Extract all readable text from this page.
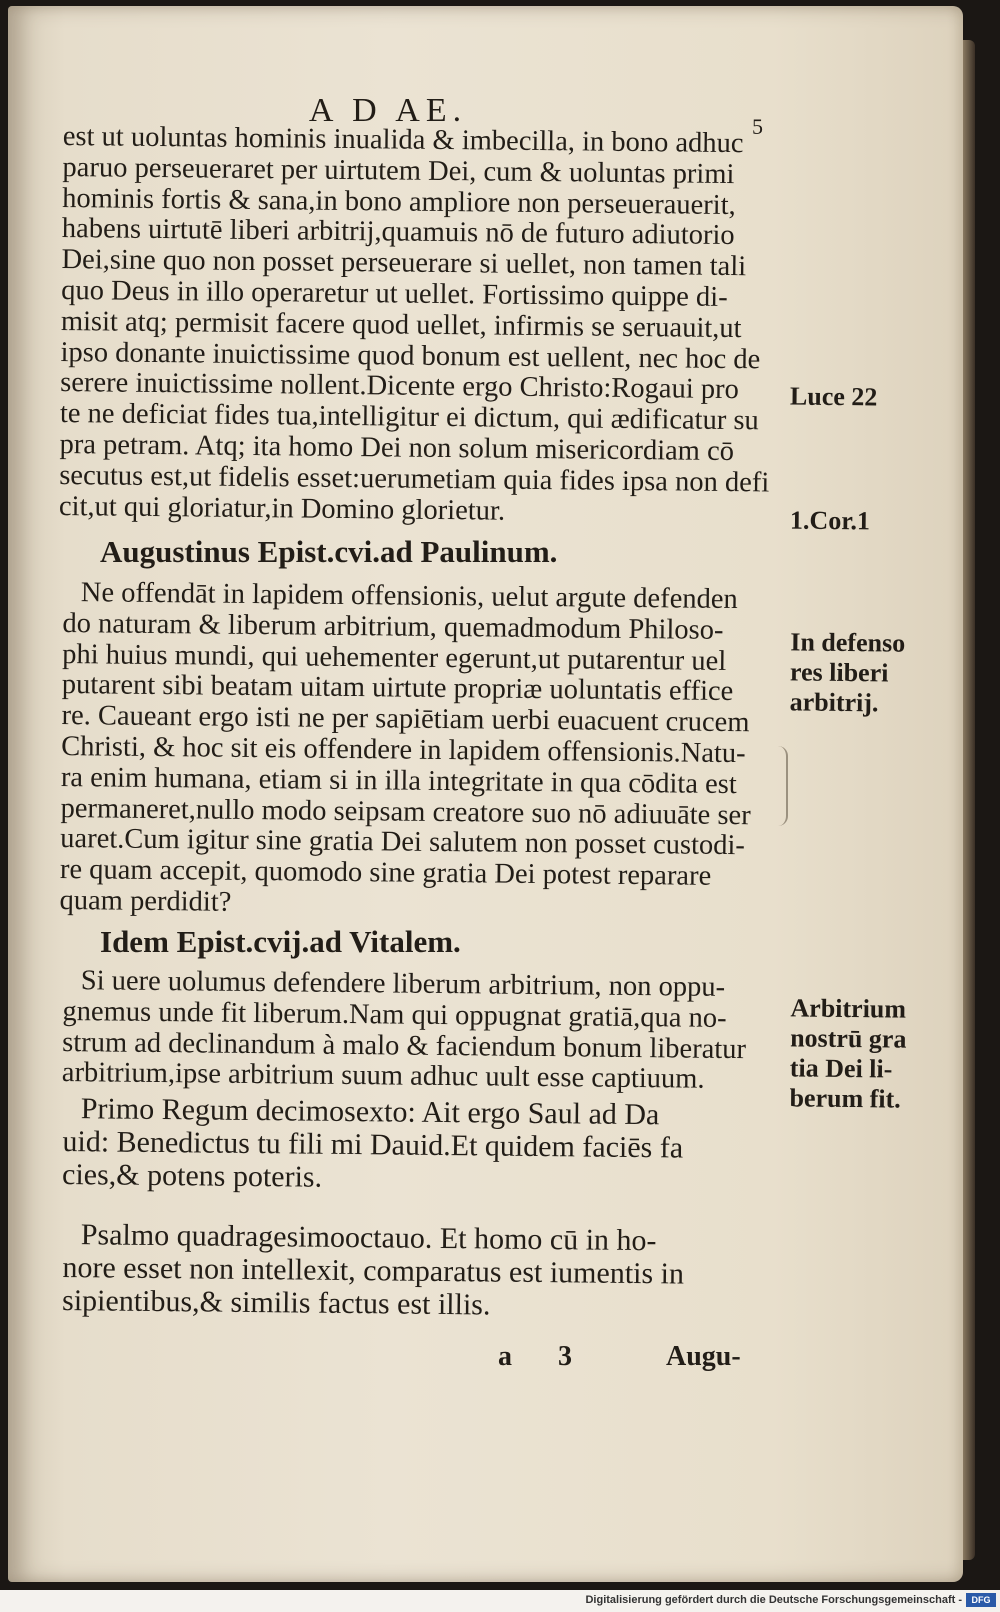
A D AE.	5
est ut uoluntas hominis inualida & imbecilla, in bono adhuc
paruo perseueraret per uirtutem Dei, cum & uoluntas primi
hominis fortis & sana,in bono ampliore non perseuerauerit,
habens uirtutē liberi arbitrij,quamuis nō de futuro adiutorio
Dei,sine quo non posset perseuerare si uellet, non tamen tali
quo Deus in illo operaretur ut uellet. Fortissimo quippe di-
misit atq; permisit facere quod uellet, infirmis se seruauit,ut
ipso donante inuictissime quod bonum est uellent, nec hoc de
serere inuictissime nollent.Dicente ergo Christo:Rogaui pro
te ne deficiat fides tua,intelligitur ei dictum, qui ædificatur su
pra petram. Atq; ita homo Dei non solum misericordiam cō
secutus est,ut fidelis esset:uerumetiam quia fides ipsa non defi
cit,ut qui gloriatur,in Domino glorietur.
Augustinus Epist.cvi.ad Paulinum.
Ne offendāt in lapidem offensionis, uelut argute defenden
do naturam & liberum arbitrium, quemadmodum Philoso-
phi huius mundi, qui uehementer egerunt,ut putarentur uel
putarent sibi beatam uitam uirtute propriæ uoluntatis effice
re. Caueant ergo isti ne per sapiētiam uerbi euacuent crucem
Christi, & hoc sit eis offendere in lapidem offensionis.Natu-
ra enim humana, etiam si in illa integritate in qua cōdita est
permaneret,nullo modo seipsam creatore suo nō adiuuāte ser
uaret.Cum igitur sine gratia Dei salutem non posset custodi-
re quam accepit, quomodo sine gratia Dei potest reparare
quam perdidit?
Idem Epist.cvij.ad Vitalem.
Si uere uolumus defendere liberum arbitrium, non oppu-
gnemus unde fit liberum.Nam qui oppugnat gratiā,qua no-
strum ad declinandum à malo & faciendum bonum liberatur
arbitrium,ipse arbitrium suum adhuc uult esse captiuum.
Primo Regum decimosexto: Ait ergo Saul ad Da
uid: Benedictus tu fili mi Dauid.Et quidem faciēs fa
cies,& potens poteris.
Psalmo quadragesimooctauo. Et homo cū in ho-
nore esset non intellexit, comparatus est iumentis in
sipientibus,& similis factus est illis.
Luce 22
1.Cor.1
In defenso
res liberi
arbitrij.
Arbitrium
nostrū gra
tia Dei li-
berum fit.
a 3	Augu-
Digitalisierung gefördert durch die Deutsche Forschungsgemeinschaft -	DFG
